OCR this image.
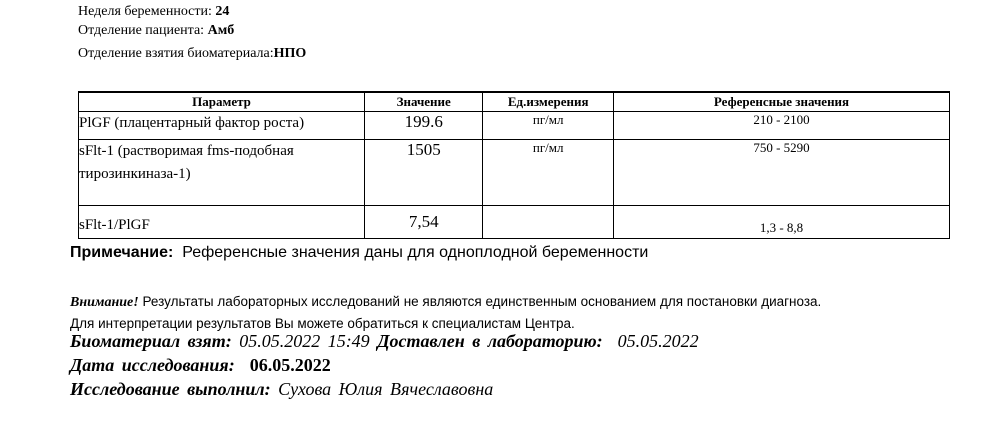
Неделя беременности: 24
Отделение пациента: Амб
Отделение взятия биоматериала:НПО
Параметр	Значение	Ед.измерения	Референсные значения
PlGF (плацентарный фактор роста)	199.6	пг/мл	210 - 2100
sFlt-1 (растворимая fms-подобная тирозинкиназа-1)	1505	пг/мл	750 - 5290
sFlt-1/PlGF	7,54		1,3 - 8,8
Примечание: Референсные значения даны для одноплодной беременности
Внимание! Результаты лабораторных исследований не являются единственным основанием для постановки диагноза.
Для интерпретации результатов Вы можете обратиться к специалистам Центра.
Биоматериал взят: 05.05.2022 15:49 Доставлен в лабораторию: 05.05.2022
Дата исследования: 06.05.2022
Исследование выполнил: Сухова Юлия Вячеславовна
